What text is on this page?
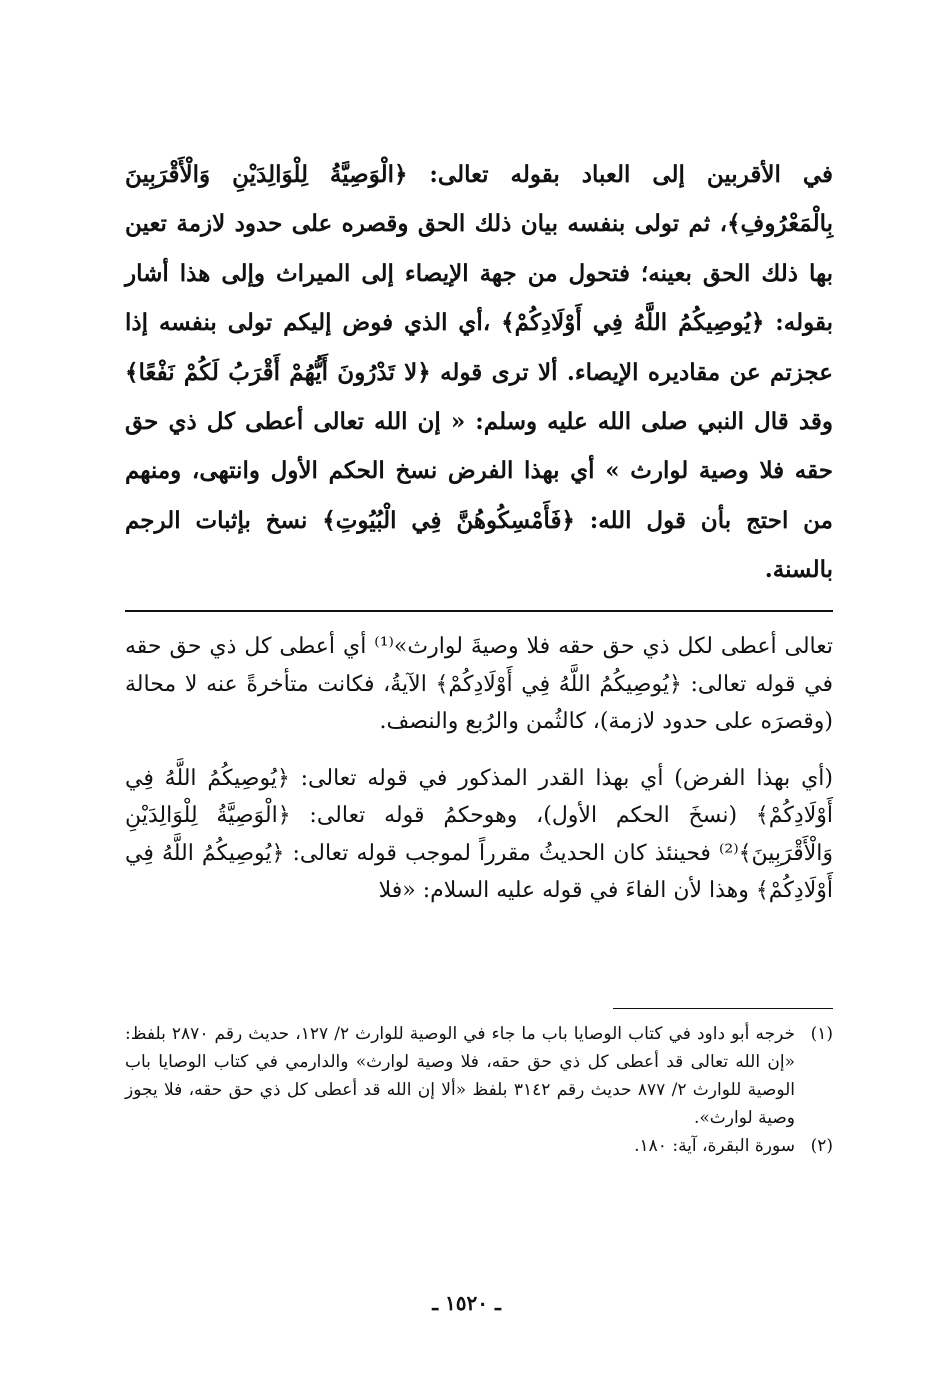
في الأقربين إلى العباد بقوله تعالى: ﴿الْوَصِيَّةُ لِلْوَالِدَيْنِ وَالْأَقْرَبِينَ بِالْمَعْرُوفِ﴾، ثم تولى بنفسه بيان ذلك الحق وقصره على حدود لازمة تعين بها ذلك الحق بعينه؛ فتحول من جهة الإيصاء إلى الميراث وإلى هذا أشار بقوله: ﴿يُوصِيكُمُ اللَّهُ فِي أَوْلَادِكُمْ﴾ ،أي الذي فوض إليكم تولى بنفسه إذا عجزتم عن مقاديره الإيصاء. ألا ترى قوله ﴿لا تَدْرُونَ أَيُّهُمْ أَقْرَبُ لَكُمْ نَفْعًا﴾ وقد قال النبي صلى الله عليه وسلم: « إن الله تعالى أعطى كل ذي حق حقه فلا وصية لوارث » أي بهذا الفرض نسخ الحكم الأول وانتهى، ومنهم من احتج بأن قول الله: ﴿فَأَمْسِكُوهُنَّ فِي الْبُيُوتِ﴾ نسخ بإثبات الرجم بالسنة.

تعالى أعطى لكل ذي حق حقه فلا وصيةَ لوارث»⁽¹⁾ أي أعطى كل ذي حق حقه في قوله تعالى: ﴿يُوصِيكُمُ اللَّهُ فِي أَوْلَادِكُمْ﴾ الآيةُ، فكانت متأخرةً عنه لا محالة (وقصرَه على حدود لازمة)، كالثُمن والرُبع والنصف.

(أي بهذا الفرض) أي بهذا القدر المذكور في قوله تعالى: ﴿يُوصِيكُمُ اللَّهُ فِي أَوْلَادِكُمْ﴾ (نسخَ الحكم الأول)، وهوحكمُ قوله تعالى: ﴿الْوَصِيَّةُ لِلْوَالِدَيْنِ وَالْأَقْرَبِينَ﴾⁽²⁾ فحينئذ كان الحديثُ مقرراً لموجب قوله تعالى: ﴿يُوصِيكُمُ اللَّهُ فِي أَوْلَادِكُمْ﴾ وهذا لأن الفاءَ في قوله عليه السلام: «فلا

(١)
خرجه أبو داود في كتاب الوصايا باب ما جاء في الوصية للوارث ٢/ ١٢٧، حديث رقم ٢٨٧٠ بلفظ: «إن الله تعالى قد أعطى كل ذي حق حقه، فلا وصية لوارث» والدارمي في كتاب الوصايا باب الوصية للوارث ٢/ ٨٧٧ حديث رقم ٣١٤٢ بلفظ «ألا إن الله قد أعطى كل ذي حق حقه، فلا يجوز وصية لوارث».
(٢)
سورة البقرة، آية: ١٨٠.
ـ ١٥٢٠ ـ
